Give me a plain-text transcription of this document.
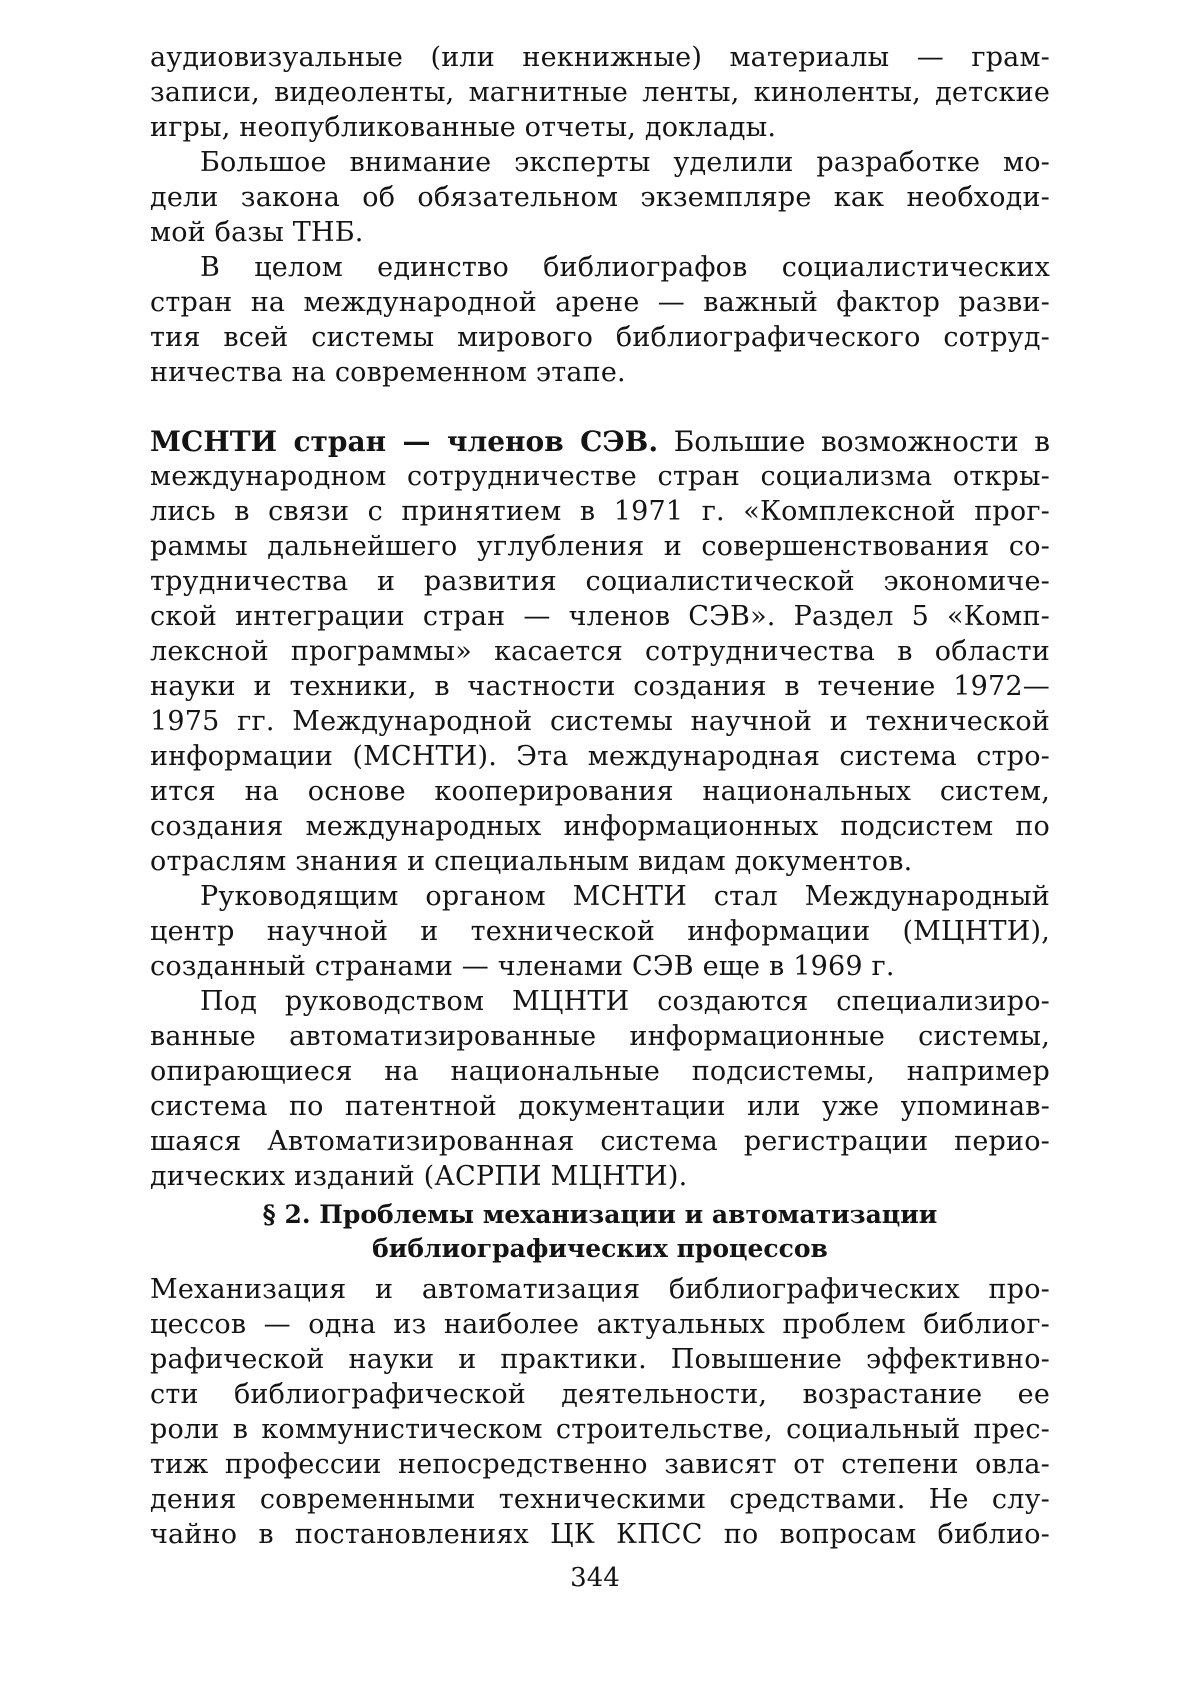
аудиовизуальные (или некнижные) материалы — грам-
записи, видеоленты, магнитные ленты, киноленты, детские
игры, неопубликованные отчеты, доклады.
Большое внимание эксперты уделили разработке мо-
дели закона об обязательном экземпляре как необходи-
мой базы ТНБ.
В целом единство библиографов социалистических
стран на международной арене — важный фактор разви-
тия всей системы мирового библиографического сотруд-
ничества на современном этапе.
МСНТИ стран — членов СЭВ. Большие возможности в
международном сотрудничестве стран социализма откры-
лись в связи с принятием в 1971 г. «Комплексной прог-
раммы дальнейшего углубления и совершенствования со-
трудничества и развития социалистической экономиче-
ской интеграции стран — членов СЭВ». Раздел 5 «Комп-
лексной программы» касается сотрудничества в области
науки и техники, в частности создания в течение 1972—
1975 гг. Международной системы научной и технической
информации (МСНТИ). Эта международная система стро-
ится на основе кооперирования национальных систем,
создания международных информационных подсистем по
отраслям знания и специальным видам документов.
Руководящим органом МСНТИ стал Международный
центр научной и технической информации (МЦНТИ),
созданный странами — членами СЭВ еще в 1969 г.
Под руководством МЦНТИ создаются специализиро-
ванные автоматизированные информационные системы,
опирающиеся на национальные подсистемы, например
система по патентной документации или уже упоминав-
шаяся Автоматизированная система регистрации перио-
дических изданий (АСРПИ МЦНТИ).
§ 2. Проблемы механизации и автоматизации
библиографических процессов
Механизация и автоматизация библиографических про-
цессов — одна из наиболее актуальных проблем библиог-
рафической науки и практики. Повышение эффективно-
сти библиографической деятельности, возрастание ее
роли в коммунистическом строительстве, социальный прес-
тиж профессии непосредственно зависят от степени овла-
дения современными техническими средствами. Не слу-
чайно в постановлениях ЦК КПСС по вопросам библио-
344
